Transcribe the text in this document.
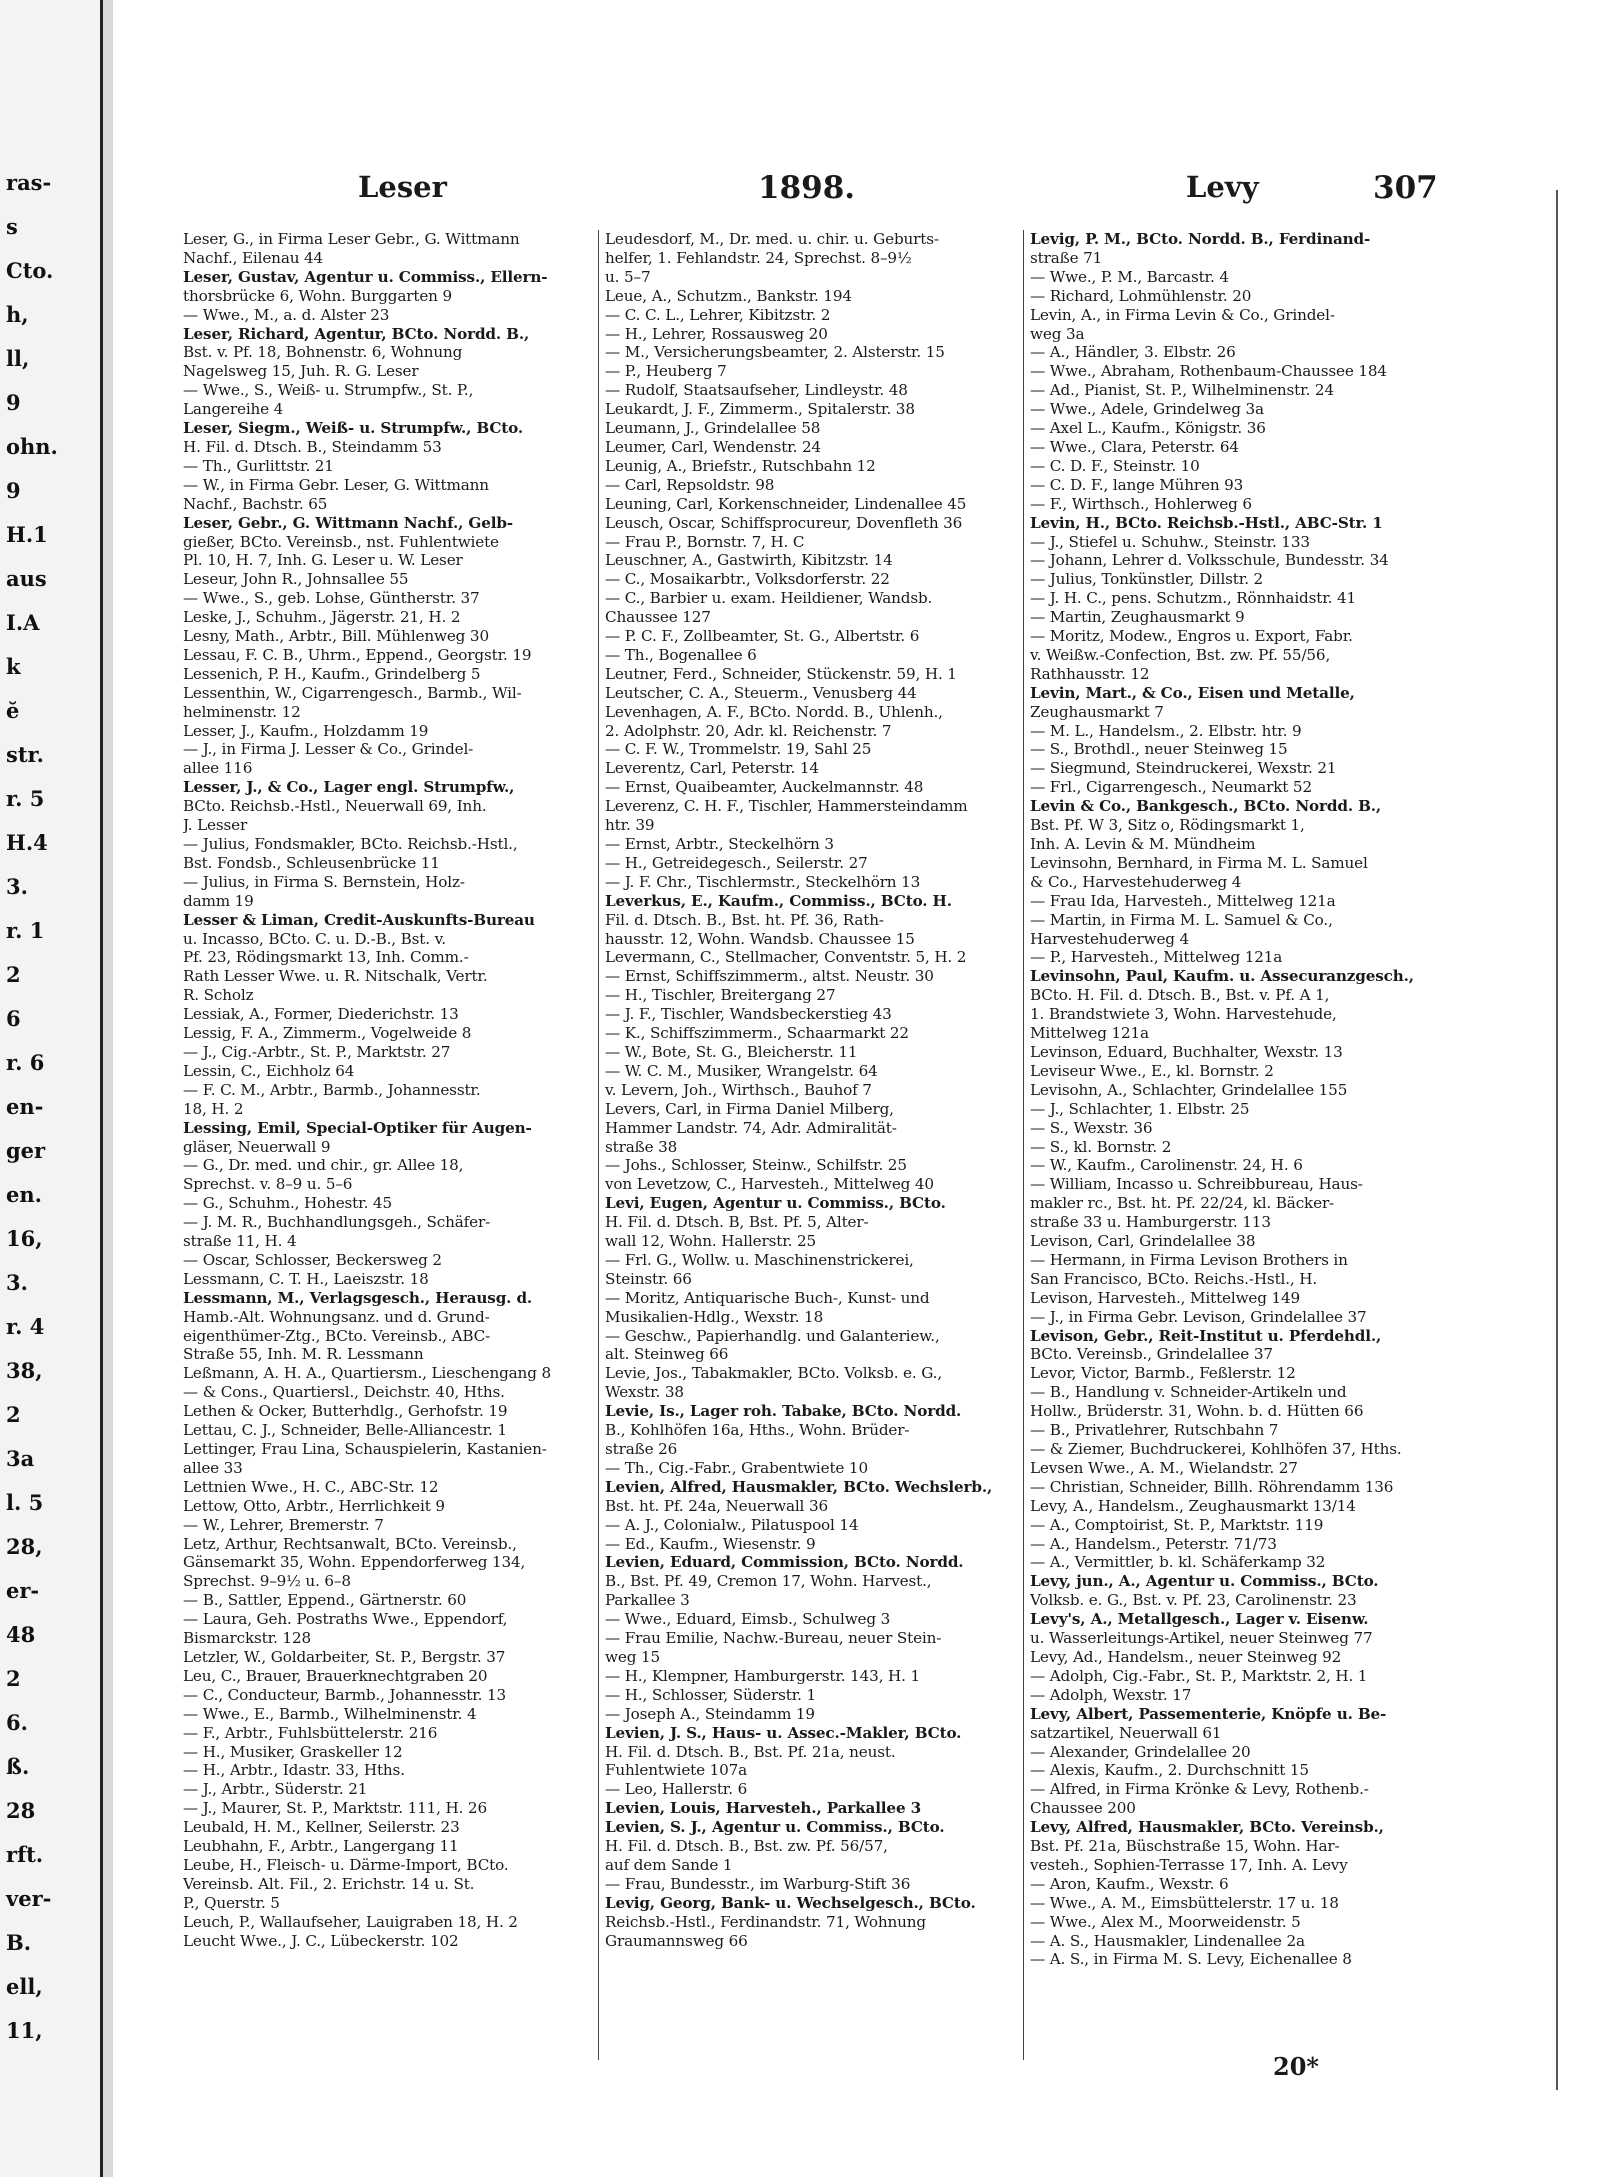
ras-
s
Cto.
h,
ll,
9
ohn.
9
H.1
aus
I.A
k
ĕ
str.
r. 5
H.4
3.
r. 1
2
6
r. 6
en-
ger
en.
16,
3.
r. 4
38,
2
3a
l. 5
28,
er-
48
2
6.
ß.
28
rft.
ver-
B.
ell,
11,
Leser	1898.	Levy	307
Leser, G., in Firma Leser Gebr., G. Wittmann
Nachf., Eilenau 44
Leser, Gustav, Agentur u. Commiss., Ellern-
thorsbrücke 6, Wohn. Burggarten 9
— Wwe., M., a. d. Alster 23
Leser, Richard, Agentur, BCto. Nordd. B.,
Bst. v. Pf. 18, Bohnenstr. 6, Wohnung
Nagelsweg 15, Juh. R. G. Leser
— Wwe., S., Weiß- u. Strumpfw., St. P.,
Langereihe 4
Leser, Siegm., Weiß- u. Strumpfw., BCto.
H. Fil. d. Dtsch. B., Steindamm 53
— Th., Gurlittstr. 21
— W., in Firma Gebr. Leser, G. Wittmann
Nachf., Bachstr. 65
Leser, Gebr., G. Wittmann Nachf., Gelb-
gießer, BCto. Vereinsb., nst. Fuhlentwiete
Pl. 10, H. 7, Inh. G. Leser u. W. Leser
Leseur, John R., Johnsallee 55
— Wwe., S., geb. Lohse, Güntherstr. 37
Leske, J., Schuhm., Jägerstr. 21, H. 2
Lesny, Math., Arbtr., Bill. Mühlenweg 30
Lessau, F. C. B., Uhrm., Eppend., Georgstr. 19
Lessenich, P. H., Kaufm., Grindelberg 5
Lessenthin, W., Cigarrengesch., Barmb., Wil-
helminenstr. 12
Lesser, J., Kaufm., Holzdamm 19
— J., in Firma J. Lesser & Co., Grindel-
allee 116
Lesser, J., & Co., Lager engl. Strumpfw.,
BCto. Reichsb.-Hstl., Neuerwall 69, Inh.
J. Lesser
— Julius, Fondsmakler, BCto. Reichsb.-Hstl.,
Bst. Fondsb., Schleusenbrücke 11
— Julius, in Firma S. Bernstein, Holz-
damm 19
Lesser & Liman, Credit-Auskunfts-Bureau
u. Incasso, BCto. C. u. D.-B., Bst. v.
Pf. 23, Rödingsmarkt 13, Inh. Comm.-
Rath Lesser Wwe. u. R. Nitschalk, Vertr.
R. Scholz
Lessiak, A., Former, Diederichstr. 13
Lessig, F. A., Zimmerm., Vogelweide 8
— J., Cig.-Arbtr., St. P., Marktstr. 27
Lessin, C., Eichholz 64
— F. C. M., Arbtr., Barmb., Johannesstr.
18, H. 2
Lessing, Emil, Special-Optiker für Augen-
gläser, Neuerwall 9
— G., Dr. med. und chir., gr. Allee 18,
Sprechst. v. 8–9 u. 5–6
— G., Schuhm., Hohestr. 45
— J. M. R., Buchhandlungsgeh., Schäfer-
straße 11, H. 4
— Oscar, Schlosser, Beckersweg 2
Lessmann, C. T. H., Laeiszstr. 18
Lessmann, M., Verlagsgesch., Herausg. d.
Hamb.-Alt. Wohnungsanz. und d. Grund-
eigenthümer-Ztg., BCto. Vereinsb., ABC-
Straße 55, Inh. M. R. Lessmann
Leßmann, A. H. A., Quartiersm., Lieschengang 8
— & Cons., Quartiersl., Deichstr. 40, Hths.
Lethen & Ocker, Butterhdlg., Gerhofstr. 19
Lettau, C. J., Schneider, Belle-Alliancestr. 1
Lettinger, Frau Lina, Schauspielerin, Kastanien-
allee 33
Lettnien Wwe., H. C., ABC-Str. 12
Lettow, Otto, Arbtr., Herrlichkeit 9
— W., Lehrer, Bremerstr. 7
Letz, Arthur, Rechtsanwalt, BCto. Vereinsb.,
Gänsemarkt 35, Wohn. Eppendorferweg 134,
Sprechst. 9–9½ u. 6–8
— B., Sattler, Eppend., Gärtnerstr. 60
— Laura, Geh. Postraths Wwe., Eppendorf,
Bismarckstr. 128
Letzler, W., Goldarbeiter, St. P., Bergstr. 37
Leu, C., Brauer, Brauerknechtgraben 20
— C., Conducteur, Barmb., Johannesstr. 13
— Wwe., E., Barmb., Wilhelminenstr. 4
— F., Arbtr., Fuhlsbüttelerstr. 216
— H., Musiker, Graskeller 12
— H., Arbtr., Idastr. 33, Hths.
— J., Arbtr., Süderstr. 21
— J., Maurer, St. P., Marktstr. 111, H. 26
Leubald, H. M., Kellner, Seilerstr. 23
Leubhahn, F., Arbtr., Langergang 11
Leube, H., Fleisch- u. Därme-Import, BCto.
Vereinsb. Alt. Fil., 2. Erichstr. 14 u. St.
P., Querstr. 5
Leuch, P., Wallaufseher, Lauigraben 18, H. 2
Leucht Wwe., J. C., Lübeckerstr. 102
Leudesdorf, M., Dr. med. u. chir. u. Geburts-
helfer, 1. Fehlandstr. 24, Sprechst. 8–9½
u. 5–7
Leue, A., Schutzm., Bankstr. 194
— C. C. L., Lehrer, Kibitzstr. 2
— H., Lehrer, Rossausweg 20
— M., Versicherungsbeamter, 2. Alsterstr. 15
— P., Heuberg 7
— Rudolf, Staatsaufseher, Lindleystr. 48
Leukardt, J. F., Zimmerm., Spitalerstr. 38
Leumann, J., Grindelallee 58
Leumer, Carl, Wendenstr. 24
Leunig, A., Briefstr., Rutschbahn 12
— Carl, Repsoldstr. 98
Leuning, Carl, Korkenschneider, Lindenallee 45
Leusch, Oscar, Schiffsprocureur, Dovenfleth 36
— Frau P., Bornstr. 7, H. C
Leuschner, A., Gastwirth, Kibitzstr. 14
— C., Mosaikarbtr., Volksdorferstr. 22
— C., Barbier u. exam. Heildiener, Wandsb.
Chaussee 127
— P. C. F., Zollbeamter, St. G., Albertstr. 6
— Th., Bogenallee 6
Leutner, Ferd., Schneider, Stückenstr. 59, H. 1
Leutscher, C. A., Steuerm., Venusberg 44
Levenhagen, A. F., BCto. Nordd. B., Uhlenh.,
2. Adolphstr. 20, Adr. kl. Reichenstr. 7
— C. F. W., Trommelstr. 19, Sahl 25
Leverentz, Carl, Peterstr. 14
— Ernst, Quaibeamter, Auckelmannstr. 48
Leverenz, C. H. F., Tischler, Hammersteindamm
htr. 39
— Ernst, Arbtr., Steckelhörn 3
— H., Getreidegesch., Seilerstr. 27
— J. F. Chr., Tischlermstr., Steckelhörn 13
Leverkus, E., Kaufm., Commiss., BCto. H.
Fil. d. Dtsch. B., Bst. ht. Pf. 36, Rath-
hausstr. 12, Wohn. Wandsb. Chaussee 15
Levermann, C., Stellmacher, Conventstr. 5, H. 2
— Ernst, Schiffszimmerm., altst. Neustr. 30
— H., Tischler, Breitergang 27
— J. F., Tischler, Wandsbeckerstieg 43
— K., Schiffszimmerm., Schaarmarkt 22
— W., Bote, St. G., Bleicherstr. 11
— W. C. M., Musiker, Wrangelstr. 64
v. Levern, Joh., Wirthsch., Bauhof 7
Levers, Carl, in Firma Daniel Milberg,
Hammer Landstr. 74, Adr. Admiralität-
straße 38
— Johs., Schlosser, Steinw., Schilfstr. 25
von Levetzow, C., Harvesteh., Mittelweg 40
Levi, Eugen, Agentur u. Commiss., BCto.
H. Fil. d. Dtsch. B, Bst. Pf. 5, Alter-
wall 12, Wohn. Hallerstr. 25
— Frl. G., Wollw. u. Maschinenstrickerei,
Steinstr. 66
— Moritz, Antiquarische Buch-, Kunst- und
Musikalien-Hdlg., Wexstr. 18
— Geschw., Papierhandlg. und Galanteriew.,
alt. Steinweg 66
Levie, Jos., Tabakmakler, BCto. Volksb. e. G.,
Wexstr. 38
Levie, Is., Lager roh. Tabake, BCto. Nordd.
B., Kohlhöfen 16a, Hths., Wohn. Brüder-
straße 26
— Th., Cig.-Fabr., Grabentwiete 10
Levien, Alfred, Hausmakler, BCto. Wechslerb.,
Bst. ht. Pf. 24a, Neuerwall 36
— A. J., Colonialw., Pilatuspool 14
— Ed., Kaufm., Wiesenstr. 9
Levien, Eduard, Commission, BCto. Nordd.
B., Bst. Pf. 49, Cremon 17, Wohn. Harvest.,
Parkallee 3
— Wwe., Eduard, Eimsb., Schulweg 3
— Frau Emilie, Nachw.-Bureau, neuer Stein-
weg 15
— H., Klempner, Hamburgerstr. 143, H. 1
— H., Schlosser, Süderstr. 1
— Joseph A., Steindamm 19
Levien, J. S., Haus- u. Assec.-Makler, BCto.
H. Fil. d. Dtsch. B., Bst. Pf. 21a, neust.
Fuhlentwiete 107a
— Leo, Hallerstr. 6
Levien, Louis, Harvesteh., Parkallee 3
Levien, S. J., Agentur u. Commiss., BCto.
H. Fil. d. Dtsch. B., Bst. zw. Pf. 56/57,
auf dem Sande 1
— Frau, Bundesstr., im Warburg-Stift 36
Levig, Georg, Bank- u. Wechselgesch., BCto.
Reichsb.-Hstl., Ferdinandstr. 71, Wohnung
Graumannsweg 66
Levig, P. M., BCto. Nordd. B., Ferdinand-
straße 71
— Wwe., P. M., Barcastr. 4
— Richard, Lohmühlenstr. 20
Levin, A., in Firma Levin & Co., Grindel-
weg 3a
— A., Händler, 3. Elbstr. 26
— Wwe., Abraham, Rothenbaum-Chaussee 184
— Ad., Pianist, St. P., Wilhelminenstr. 24
— Wwe., Adele, Grindelweg 3a
— Axel L., Kaufm., Königstr. 36
— Wwe., Clara, Peterstr. 64
— C. D. F., Steinstr. 10
— C. D. F., lange Mühren 93
— F., Wirthsch., Hohlerweg 6
Levin, H., BCto. Reichsb.-Hstl., ABC-Str. 1
— J., Stiefel u. Schuhw., Steinstr. 133
— Johann, Lehrer d. Volksschule, Bundesstr. 34
— Julius, Tonkünstler, Dillstr. 2
— J. H. C., pens. Schutzm., Rönnhaidstr. 41
— Martin, Zeughausmarkt 9
— Moritz, Modew., Engros u. Export, Fabr.
v. Weißw.-Confection, Bst. zw. Pf. 55/56,
Rathhausstr. 12
Levin, Mart., & Co., Eisen und Metalle,
Zeughausmarkt 7
— M. L., Handelsm., 2. Elbstr. htr. 9
— S., Brothdl., neuer Steinweg 15
— Siegmund, Steindruckerei, Wexstr. 21
— Frl., Cigarrengesch., Neumarkt 52
Levin & Co., Bankgesch., BCto. Nordd. B.,
Bst. Pf. W 3, Sitz o, Rödingsmarkt 1,
Inh. A. Levin & M. Mündheim
Levinsohn, Bernhard, in Firma M. L. Samuel
& Co., Harvestehuderweg 4
— Frau Ida, Harvesteh., Mittelweg 121a
— Martin, in Firma M. L. Samuel & Co.,
Harvestehuderweg 4
— P., Harvesteh., Mittelweg 121a
Levinsohn, Paul, Kaufm. u. Assecuranzgesch.,
BCto. H. Fil. d. Dtsch. B., Bst. v. Pf. A 1,
1. Brandstwiete 3, Wohn. Harvestehude,
Mittelweg 121a
Levinson, Eduard, Buchhalter, Wexstr. 13
Leviseur Wwe., E., kl. Bornstr. 2
Levisohn, A., Schlachter, Grindelallee 155
— J., Schlachter, 1. Elbstr. 25
— S., Wexstr. 36
— S., kl. Bornstr. 2
— W., Kaufm., Carolinenstr. 24, H. 6
— William, Incasso u. Schreibbureau, Haus-
makler rc., Bst. ht. Pf. 22/24, kl. Bäcker-
straße 33 u. Hamburgerstr. 113
Levison, Carl, Grindelallee 38
— Hermann, in Firma Levison Brothers in
San Francisco, BCto. Reichs.-Hstl., H.
Levison, Harvesteh., Mittelweg 149
— J., in Firma Gebr. Levison, Grindelallee 37
Levison, Gebr., Reit-Institut u. Pferdehdl.,
BCto. Vereinsb., Grindelallee 37
Levor, Victor, Barmb., Feßlerstr. 12
— B., Handlung v. Schneider-Artikeln und
Hollw., Brüderstr. 31, Wohn. b. d. Hütten 66
— B., Privatlehrer, Rutschbahn 7
— & Ziemer, Buchdruckerei, Kohlhöfen 37, Hths.
Levsen Wwe., A. M., Wielandstr. 27
— Christian, Schneider, Billh. Röhrendamm 136
Levy, A., Handelsm., Zeughausmarkt 13/14
— A., Comptoirist, St. P., Marktstr. 119
— A., Handelsm., Peterstr. 71/73
— A., Vermittler, b. kl. Schäferkamp 32
Levy, jun., A., Agentur u. Commiss., BCto.
Volksb. e. G., Bst. v. Pf. 23, Carolinenstr. 23
Levy's, A., Metallgesch., Lager v. Eisenw.
u. Wasserleitungs-Artikel, neuer Steinweg 77
Levy, Ad., Handelsm., neuer Steinweg 92
— Adolph, Cig.-Fabr., St. P., Marktstr. 2, H. 1
— Adolph, Wexstr. 17
Levy, Albert, Passementerie, Knöpfe u. Be-
satzartikel, Neuerwall 61
— Alexander, Grindelallee 20
— Alexis, Kaufm., 2. Durchschnitt 15
— Alfred, in Firma Krönke & Levy, Rothenb.-
Chaussee 200
Levy, Alfred, Hausmakler, BCto. Vereinsb.,
Bst. Pf. 21a, Büschstraße 15, Wohn. Har-
vesteh., Sophien-Terrasse 17, Inh. A. Levy
— Aron, Kaufm., Wexstr. 6
— Wwe., A. M., Eimsbüttelerstr. 17 u. 18
— Wwe., Alex M., Moorweidenstr. 5
— A. S., Hausmakler, Lindenallee 2a
— A. S., in Firma M. S. Levy, Eichenallee 8
20*
